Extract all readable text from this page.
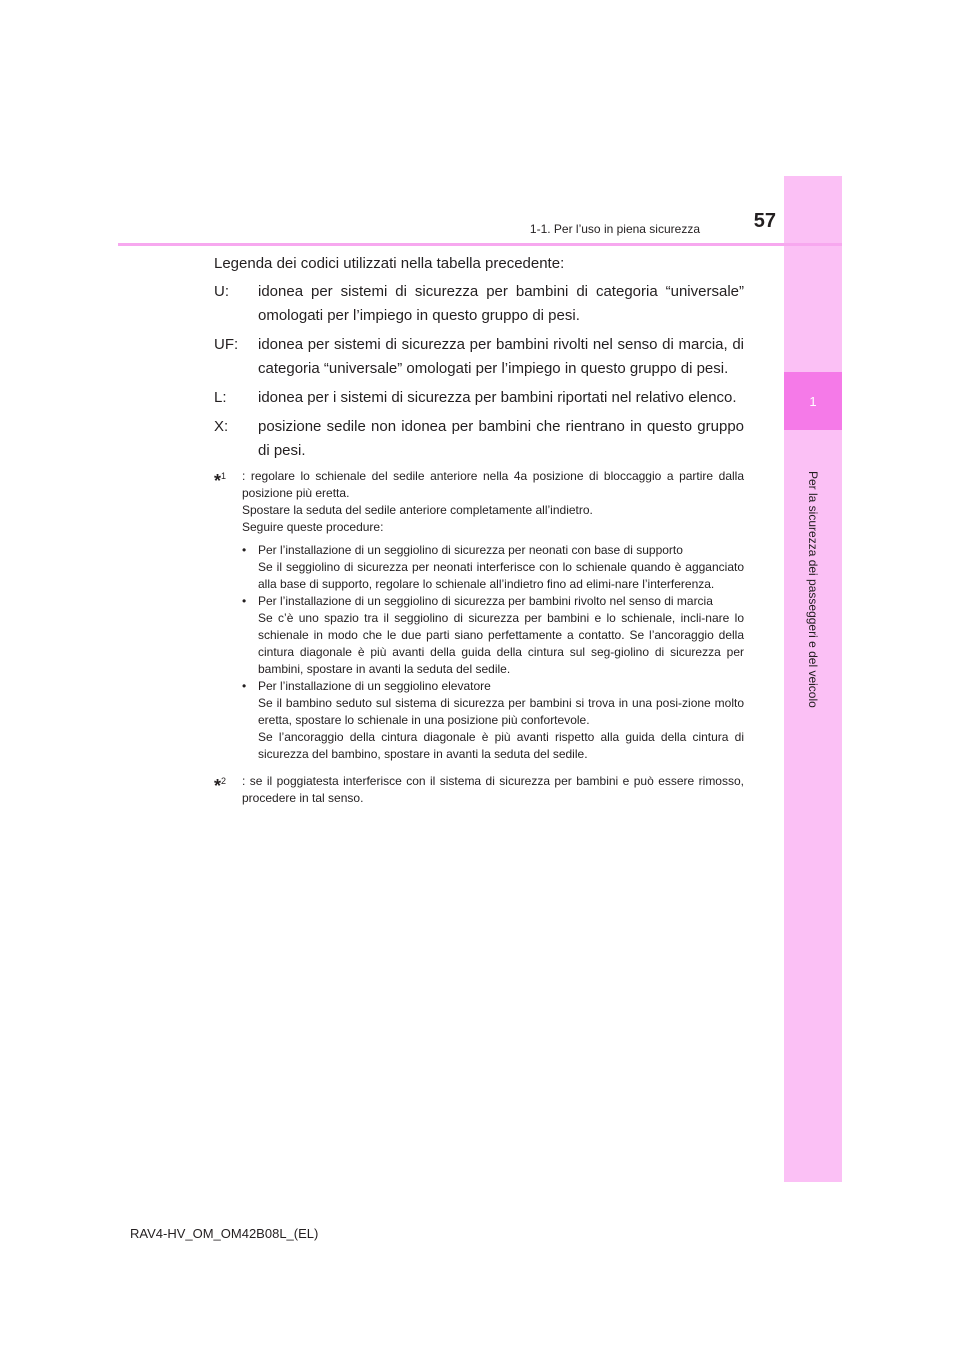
1
Per la sicurezza dei passeggeri e del veicolo
1-1. Per l’uso in piena sicurezza	57

Legenda dei codici utilizzati nella tabella precedente:

U:	idonea per sistemi di sicurezza per bambini di categoria “universale” omologati per l’impiego in questo gruppo di pesi.
UF:	idonea per sistemi di sicurezza per bambini rivolti nel senso di marcia, di categoria “universale” omologati per l’impiego in questo gruppo di pesi.
L:	idonea per i sistemi di sicurezza per bambini riportati nel relativo elenco.
X:	posizione sedile non idonea per bambini che rientrano in questo gruppo di pesi.
*$^1$	: regolare lo schienale del sedile anteriore nella 4a posizione di bloccaggio a partire dalla posizione più eretta.

Spostare la seduta del sedile anteriore completamente all’indietro.

Seguire queste procedure:

• Per l’installazione di un seggiolino di sicurezza per neonati con base di supporto

Se il seggiolino di sicurezza per neonati interferisce con lo schienale quando è agganciato alla base di supporto, regolare lo schienale all’indietro fino ad elimi-nare l’interferenza.

• Per l’installazione di un seggiolino di sicurezza per bambini rivolto nel senso di marcia

Se c’è uno spazio tra il seggiolino di sicurezza per bambini e lo schienale, incli-nare lo schienale in modo che le due parti siano perfettamente a contatto. Se l’ancoraggio della cintura diagonale è più avanti della guida della cintura sul seg-giolino di sicurezza per bambini, spostare in avanti la seduta del sedile.

• Per l’installazione di un seggiolino elevatore

Se il bambino seduto sul sistema di sicurezza per bambini si trova in una posi-zione molto eretta, spostare lo schienale in una posizione più confortevole.

Se l’ancoraggio della cintura diagonale è più avanti rispetto alla guida della cintura di sicurezza del bambino, spostare in avanti la seduta del sedile.

*$^2$	: se il poggiatesta interferisce con il sistema di sicurezza per bambini e può essere rimosso, procedere in tal senso.

RAV4-HV_OM_OM42B08L_(EL)
